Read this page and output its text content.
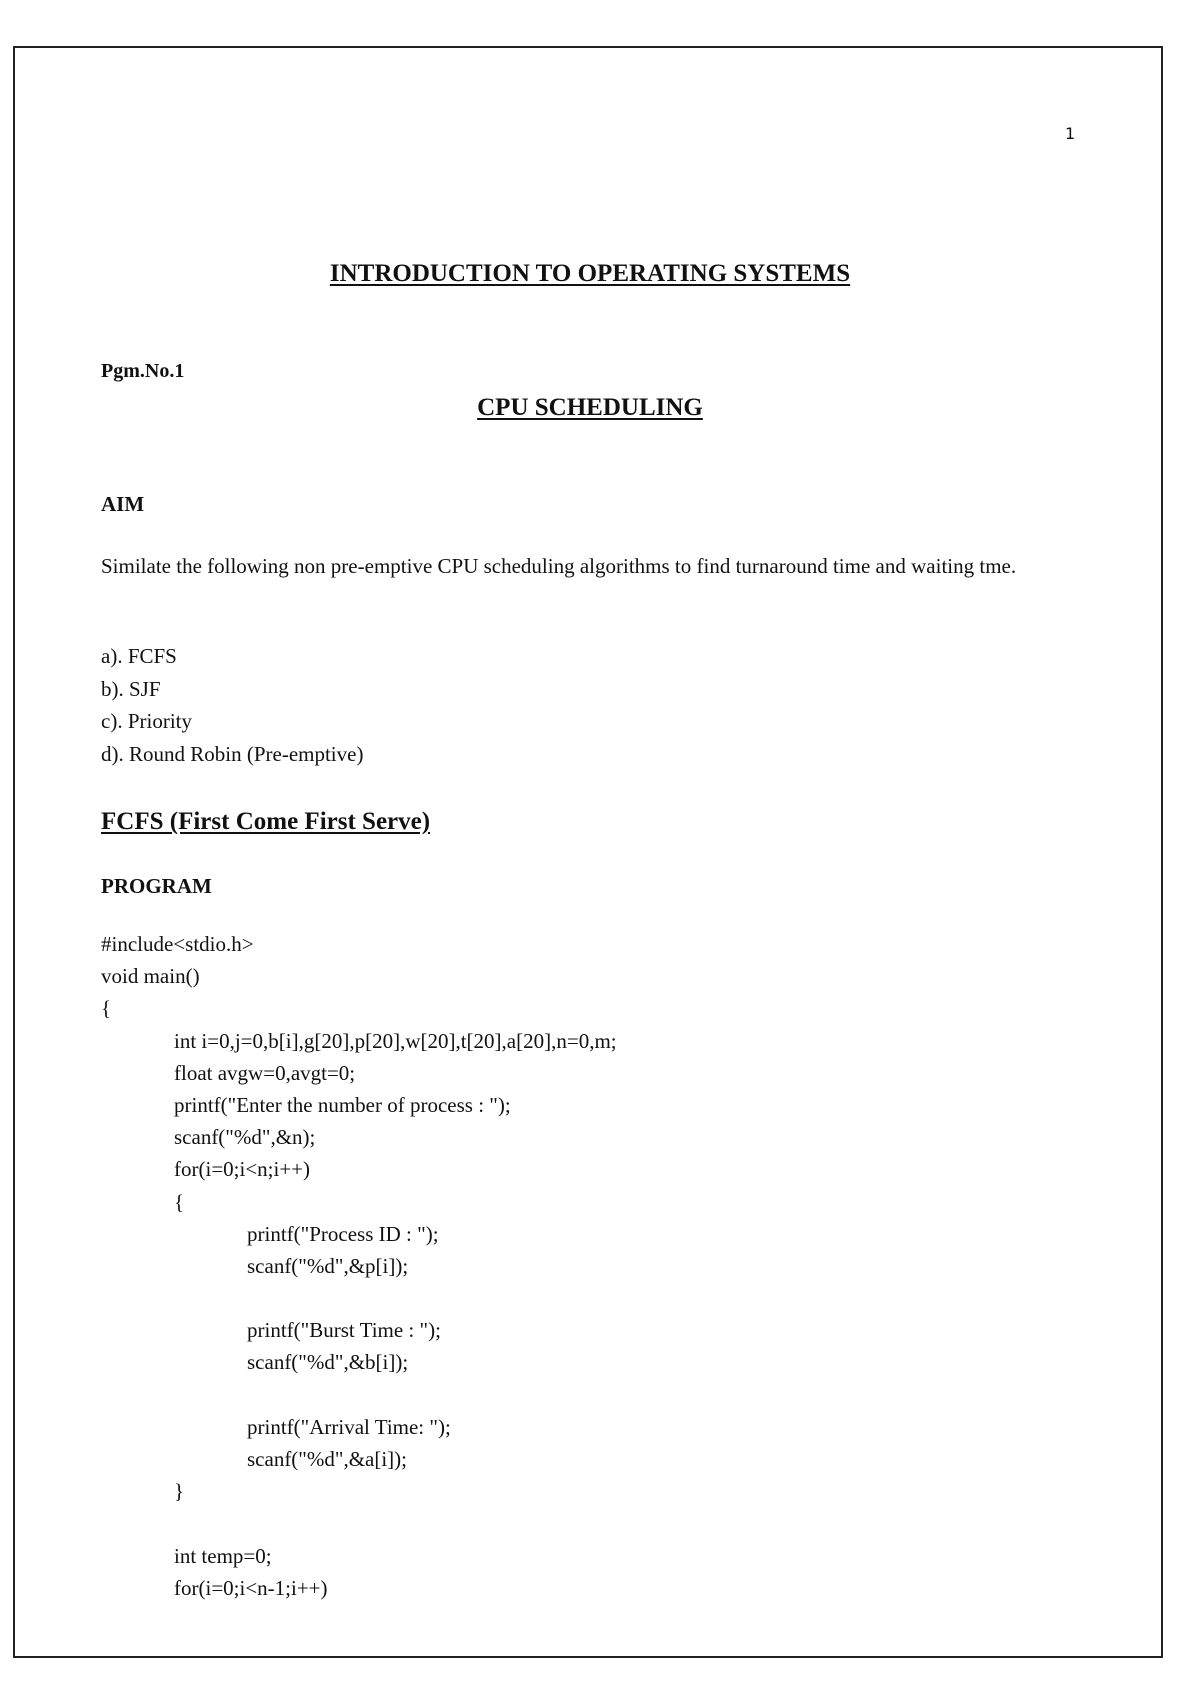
1
INTRODUCTION TO OPERATING SYSTEMS
Pgm.No.1
CPU SCHEDULING
AIM
Similate the following non pre-emptive CPU scheduling algorithms to find turnaround time and waiting tme.
a). FCFS
b). SJF
c). Priority
d). Round Robin (Pre-emptive)
FCFS (First Come First Serve)
PROGRAM
#include<stdio.h>
void main()
{
int i=0,j=0,b[i],g[20],p[20],w[20],t[20],a[20],n=0,m;
float avgw=0,avgt=0;
printf("Enter the number of process : ");
scanf("%d",&n);
for(i=0;i<n;i++)
{
printf("Process ID : ");
scanf("%d",&p[i]);
printf("Burst Time : ");
scanf("%d",&b[i]);
printf("Arrival Time: ");
scanf("%d",&a[i]);
}
int temp=0;
for(i=0;i<n-1;i++)
